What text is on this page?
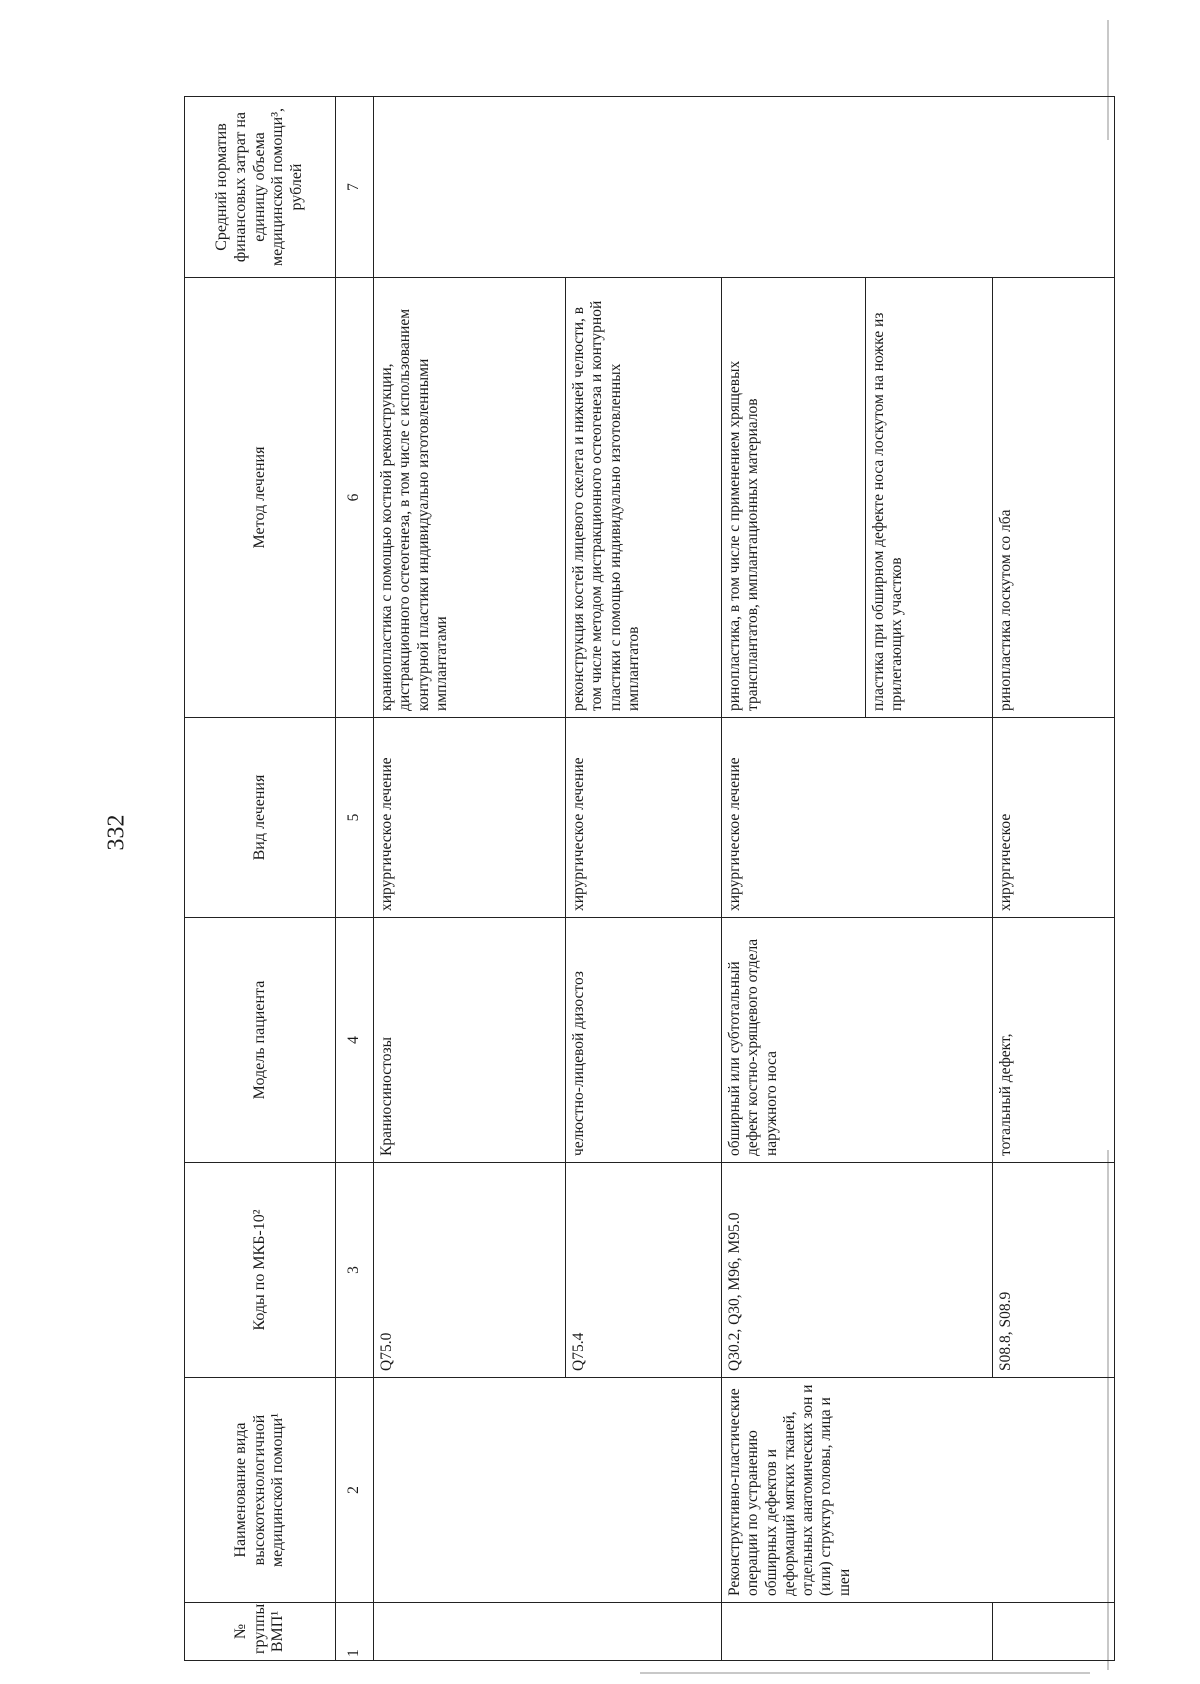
332
№ группы ВМП¹	Наименование вида высокотехнологичной медицинской помощи¹	Коды по МКБ-10²	Модель пациента	Вид лечения	Метод лечения	Средний норматив финансовых затрат на единицу объема медицинской помощи³, рублей
1	2	3	4	5	6	7
		Q75.0	Краниосиностозы	хирургическое лечение	краниопластика с помощью костной реконструкции, дистракционного остеогенеза, в том числе с использованием контурной пластики индивидуально изготовленными имплантатами	
		Q75.4	челюстно-лицевой дизостоз	хирургическое лечение	реконструкция костей лицевого скелета и нижней челюсти, в том числе методом дистракционного остеогенеза и контурной пластики с помощью индивидуально изготовленных имплантатов	
	Реконструктивно-пластические операции по устранению обширных дефектов и деформаций мягких тканей, отдельных анатомических зон и (или) структур головы, лица и шеи	Q30.2, Q30, M96, M95.0	обширный или субтотальный дефект костно-хрящевого отдела наружного носа	хирургическое лечение	ринопластика, в том числе с применением хрящевых трансплантатов, имплантационных материалов	
					пластика при обширном дефекте носа лоскутом на ножке из прилегающих участков	
		S08.8, S08.9	тотальный дефект,	хирургическое	ринопластика лоскутом со лба	
